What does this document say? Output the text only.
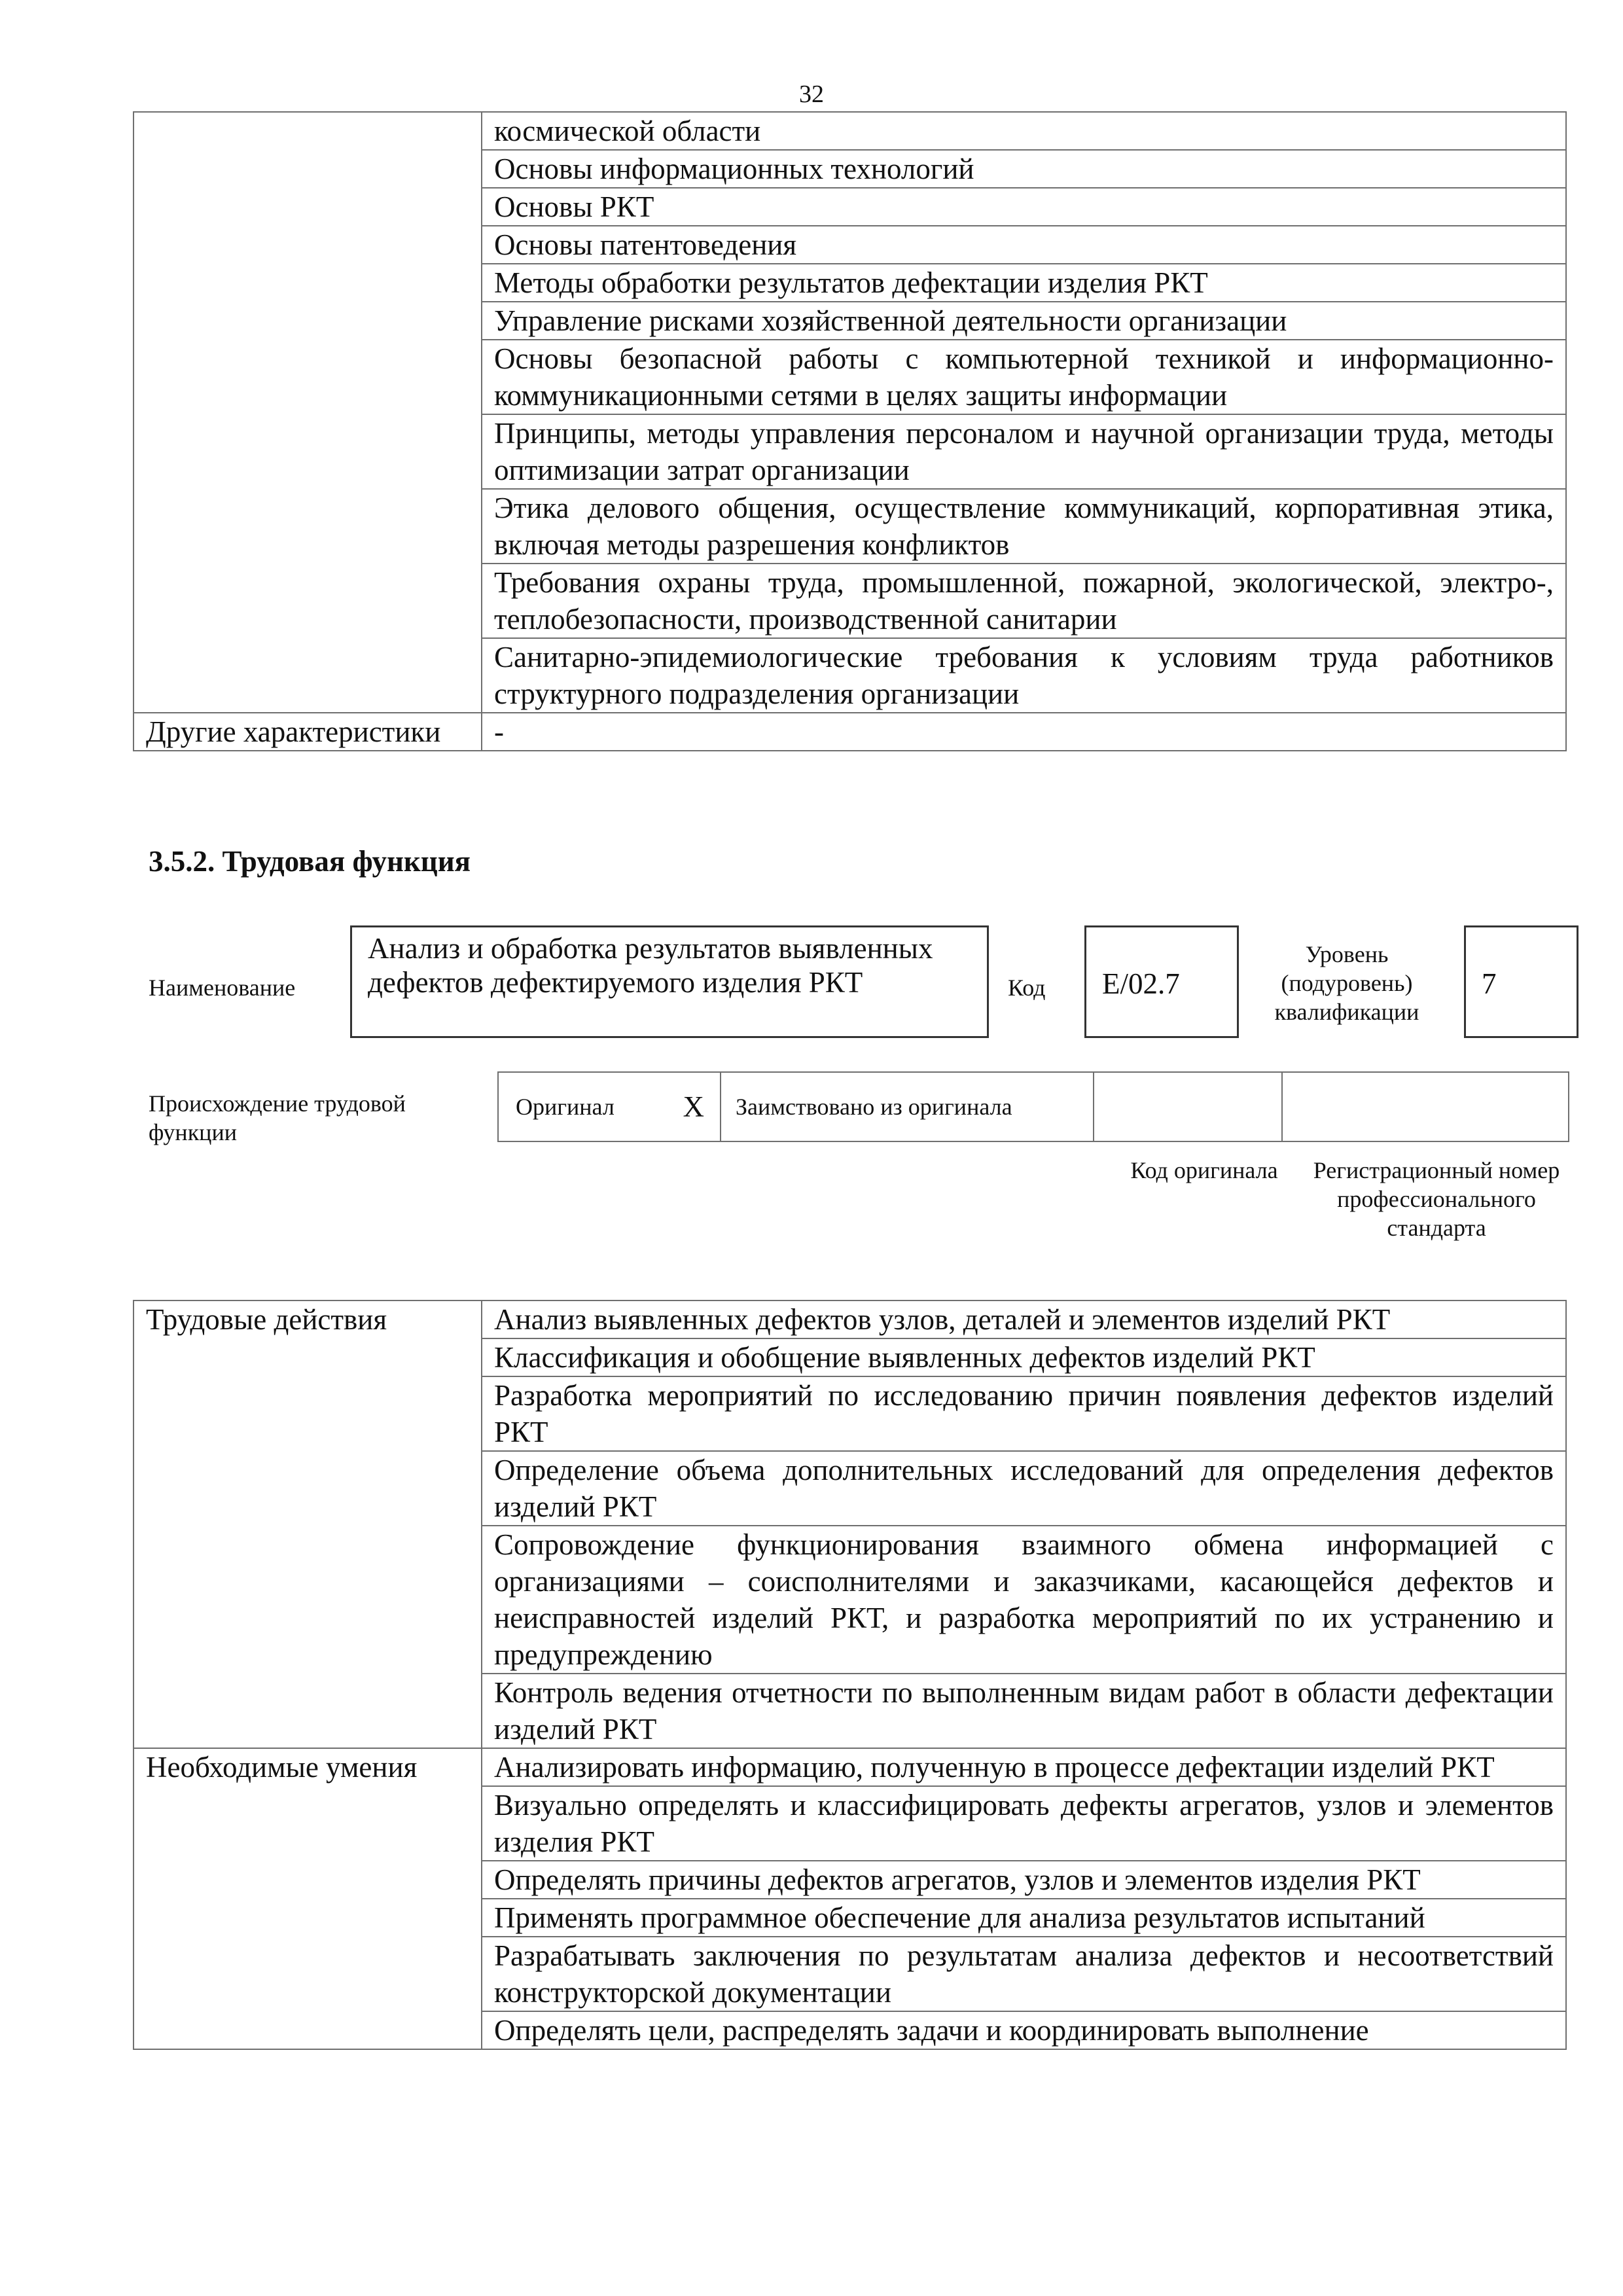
32
	космической области
	Основы информационных технологий
	Основы РКТ
	Основы патентоведения
	Методы обработки результатов дефектации изделия РКТ
	Управление рисками хозяйственной деятельности организации
	Основы безопасной работы с компьютерной техникой и информационно-коммуникационными сетями в целях защиты информации
	Принципы, методы управления персоналом и научной организации труда, методы оптимизации затрат организации
	Этика делового общения, осуществление коммуникаций, корпоративная этика, включая методы разрешения конфликтов
	Требования охраны труда, промышленной, пожарной, экологической, электро-, теплобезопасности, производственной санитарии
	Санитарно-эпидемиологические требования к условиям труда работников структурного подразделения организации
Другие характеристики	-
3.5.2. Трудовая функция
Наименование
Анализ и обработка результатов выявленных дефектов дефектируемого изделия РКТ	Код	E/02.7
Уровень (подуровень) квалификации
7
Происхождение трудовой функции
Оригинал X	Заимствовано из оригинала
Код оригинала	Регистрационный номер профессионального стандарта
Трудовые действия	Анализ выявленных дефектов узлов, деталей и элементов изделий РКТ
	Классификация и обобщение выявленных дефектов изделий РКТ
	Разработка мероприятий по исследованию причин появления дефектов изделий РКТ
	Определение объема дополнительных исследований для определения дефектов изделий РКТ
	Сопровождение функционирования взаимного обмена информацией с организациями – соисполнителями и заказчиками, касающейся дефектов и неисправностей изделий РКТ, и разработка мероприятий по их устранению и предупреждению
	Контроль ведения отчетности по выполненным видам работ в области дефектации изделий РКТ
Необходимые умения	Анализировать информацию, полученную в процессе дефектации изделий РКТ
	Визуально определять и классифицировать дефекты агрегатов, узлов и элементов изделия РКТ
	Определять причины дефектов агрегатов, узлов и элементов изделия РКТ
	Применять программное обеспечение для анализа результатов испытаний
	Разрабатывать заключения по результатам анализа дефектов и несоответствий конструкторской документации
	Определять цели, распределять задачи и координировать выполнение
